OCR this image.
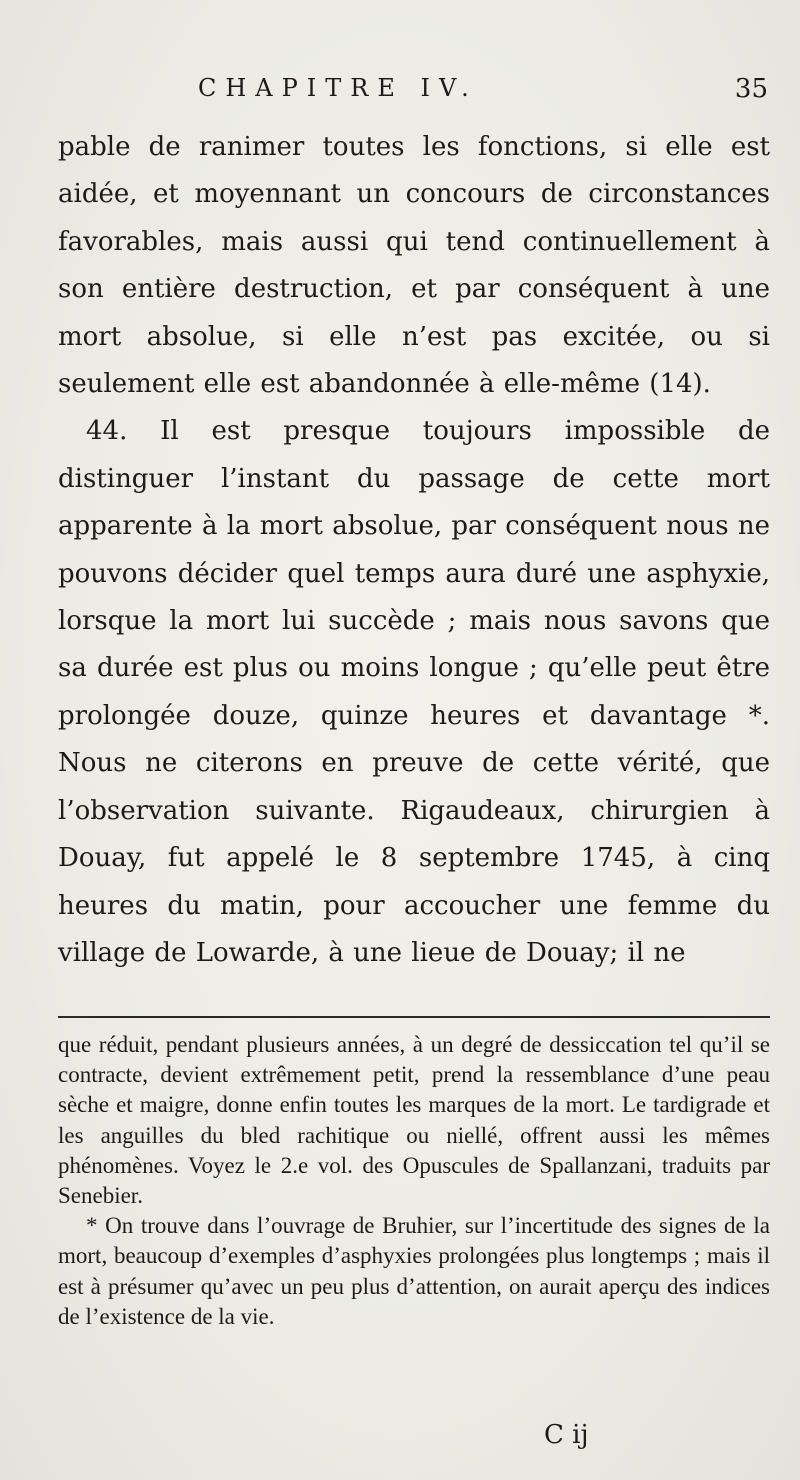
CHAPITRE IV.	35

pable de ranimer toutes les fonctions, si elle est aidée, et moyennant un concours de circonstances favorables, mais aussi qui tend continuellement à son entière destruction, et par conséquent à une mort absolue, si elle n’est pas excitée, ou si seulement elle est abandonnée à elle-même (14).

44. Il est presque toujours impossible de distinguer l’instant du passage de cette mort apparente à la mort absolue, par conséquent nous ne pouvons décider quel temps aura duré une asphyxie, lorsque la mort lui succède ; mais nous savons que sa durée est plus ou moins longue ; qu’elle peut être prolongée douze, quinze heures et davantage *. Nous ne citerons en preuve de cette vérité, que l’observation suivante. Rigaudeaux, chirurgien à Douay, fut appelé le 8 septembre 1745, à cinq heures du matin, pour accoucher une femme du village de Lowarde, à une lieue de Douay; il ne

que réduit, pendant plusieurs années, à un degré de dessiccation tel qu’il se contracte, devient extrêmement petit, prend la ressemblance d’une peau sèche et maigre, donne enfin toutes les marques de la mort. Le tardigrade et les anguilles du bled rachitique ou niellé, offrent aussi les mêmes phénomènes. Voyez le 2.e vol. des Opuscules de Spallanzani, traduits par Senebier.

* On trouve dans l’ouvrage de Bruhier, sur l’incertitude des signes de la mort, beaucoup d’exemples d’asphyxies prolongées plus longtemps ; mais il est à présumer qu’avec un peu plus d’attention, on aurait aperçu des indices de l’existence de la vie.

C ij
